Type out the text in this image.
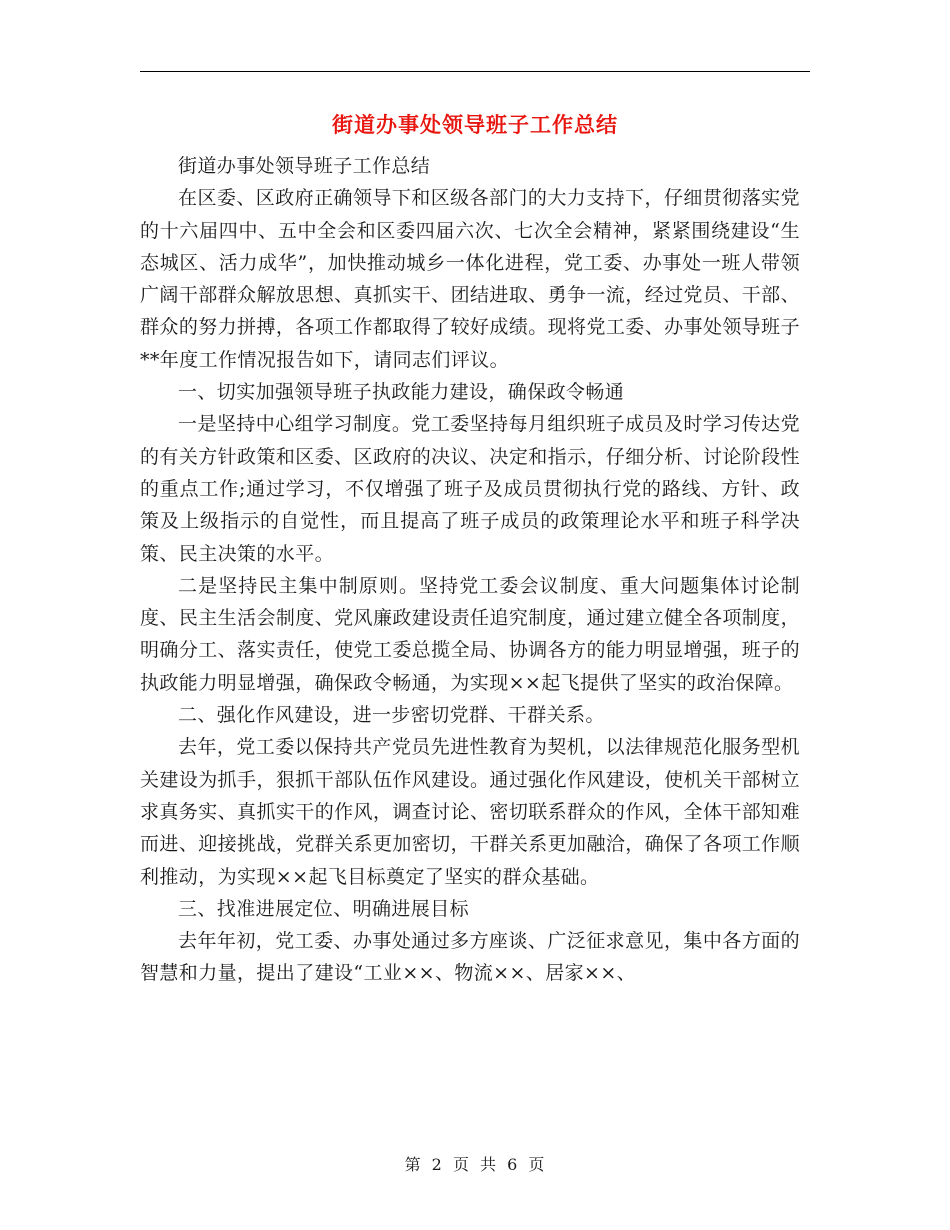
街道办事处领导班子工作总结

街道办事处领导班子工作总结

在区委、区政府正确领导下和区级各部门的大力支持下，仔细贯彻落实党的十六届四中、五中全会和区委四届六次、七次全会精神，紧紧围绕建设“生态城区、活力成华”，加快推动城乡一体化进程，党工委、办事处一班人带领广阔干部群众解放思想、真抓实干、团结进取、勇争一流，经过党员、干部、群众的努力拼搏，各项工作都取得了较好成绩。现将党工委、办事处领导班子**年度工作情况报告如下，请同志们评议。

一、切实加强领导班子执政能力建设，确保政令畅通

一是坚持中心组学习制度。党工委坚持每月组织班子成员及时学习传达党的有关方针政策和区委、区政府的决议、决定和指示，仔细分析、讨论阶段性的重点工作;通过学习，不仅增强了班子及成员贯彻执行党的路线、方针、政策及上级指示的自觉性，而且提高了班子成员的政策理论水平和班子科学决策、民主决策的水平。

二是坚持民主集中制原则。坚持党工委会议制度、重大问题集体讨论制度、民主生活会制度、党风廉政建设责任追究制度，通过建立健全各项制度，明确分工、落实责任，使党工委总揽全局、协调各方的能力明显增强，班子的执政能力明显增强，确保政令畅通，为实现××起飞提供了坚实的政治保障。

二、强化作风建设，进一步密切党群、干群关系。

去年，党工委以保持共产党员先进性教育为契机，以法律规范化服务型机关建设为抓手，狠抓干部队伍作风建设。通过强化作风建设，使机关干部树立求真务实、真抓实干的作风，调查讨论、密切联系群众的作风，全体干部知难而进、迎接挑战，党群关系更加密切，干群关系更加融洽，确保了各项工作顺利推动，为实现××起飞目标奠定了坚实的群众基础。

三、找准进展定位、明确进展目标

去年年初，党工委、办事处通过多方座谈、广泛征求意见，集中各方面的智慧和力量，提出了建设“工业××、物流××、居家××、

第 2 页 共 6 页
